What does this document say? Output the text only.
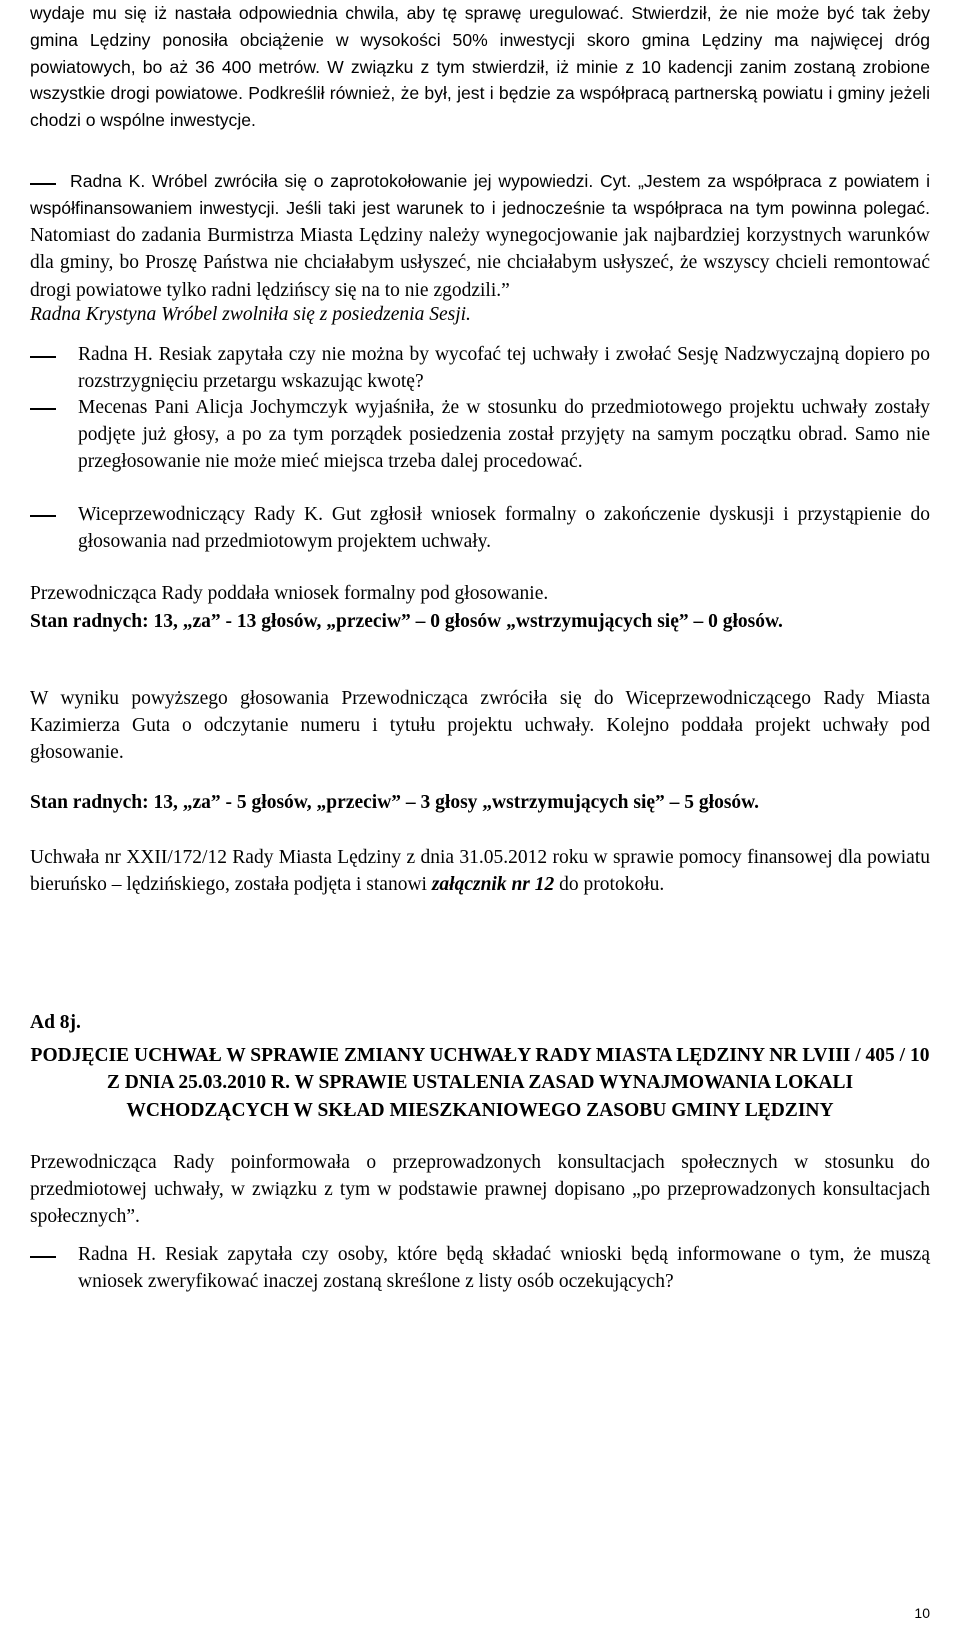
wydaje mu się iż nastała odpowiednia chwila, aby tę sprawę uregulować. Stwierdził, że nie może być tak żeby gmina Lędziny ponosiła obciążenie w wysokości 50% inwestycji skoro gmina Lędziny ma najwięcej dróg powiatowych, bo aż 36 400 metrów. W związku z tym stwierdził, iż minie z 10 kadencji zanim zostaną zrobione wszystkie drogi powiatowe. Podkreślił również, że był, jest i będzie za współpracą partnerską powiatu i gminy jeżeli chodzi o wspólne inwestycje.

Radna K. Wróbel zwróciła się o zaprotokołowanie jej wypowiedzi. Cyt. „Jestem za współpraca z powiatem i współfinansowaniem inwestycji. Jeśli taki jest warunek to i jednocześnie ta współpraca na tym powinna polegać. Natomiast do zadania Burmistrza Miasta Lędziny należy wynegocjowanie jak najbardziej korzystnych warunków dla gminy, bo Proszę Państwa nie chciałabym usłyszeć, nie chciałabym usłyszeć, że wszyscy chcieli remontować drogi powiatowe tylko radni lędzińscy się na to nie zgodzili.”

Radna Krystyna Wróbel zwolniła się z posiedzenia Sesji.

Radna H. Resiak zapytała czy nie można by wycofać tej uchwały i zwołać Sesję Nadzwyczajną dopiero po rozstrzygnięciu przetargu wskazując kwotę?

Mecenas Pani Alicja Jochymczyk wyjaśniła, że w stosunku do przedmiotowego projektu uchwały zostały podjęte już głosy, a po za tym porządek posiedzenia został przyjęty na samym początku obrad. Samo nie przegłosowanie nie może mieć miejsca trzeba dalej procedować.

Wiceprzewodniczący Rady K. Gut zgłosił wniosek formalny o zakończenie dyskusji i przystąpienie do głosowania nad przedmiotowym projektem uchwały.

Przewodnicząca Rady poddała wniosek formalny pod głosowanie.

Stan radnych: 13, „za” - 13 głosów, „przeciw” – 0 głosów „wstrzymujących się” – 0 głosów.

W wyniku powyższego głosowania Przewodnicząca zwróciła się do Wiceprzewodniczącego Rady Miasta Kazimierza Guta o odczytanie numeru i tytułu projektu uchwały. Kolejno poddała projekt uchwały pod głosowanie.

Stan radnych: 13, „za” - 5 głosów, „przeciw” – 3 głosy „wstrzymujących się” – 5 głosów.

Uchwała nr XXII/172/12 Rady Miasta Lędziny z dnia 31.05.2012 roku w sprawie pomocy finansowej dla powiatu bieruńsko – lędzińskiego, została podjęta i stanowi załącznik nr 12 do protokołu.

Ad 8j.

PODJĘCIE UCHWAŁ W SPRAWIE ZMIANY UCHWAŁY RADY MIASTA LĘDZINY NR LVIII / 405 / 10 Z DNIA 25.03.2010 R. W SPRAWIE USTALENIA ZASAD WYNAJMOWANIA LOKALI WCHODZĄCYCH W SKŁAD MIESZKANIOWEGO ZASOBU GMINY LĘDZINY

Przewodnicząca Rady poinformowała o przeprowadzonych konsultacjach społecznych w stosunku do przedmiotowej uchwały, w związku z tym w podstawie prawnej dopisano „po przeprowadzonych konsultacjach społecznych”.

Radna H. Resiak zapytała czy osoby, które będą składać wnioski będą informowane o tym, że muszą wniosek zweryfikować inaczej zostaną skreślone z listy osób oczekujących?

10
